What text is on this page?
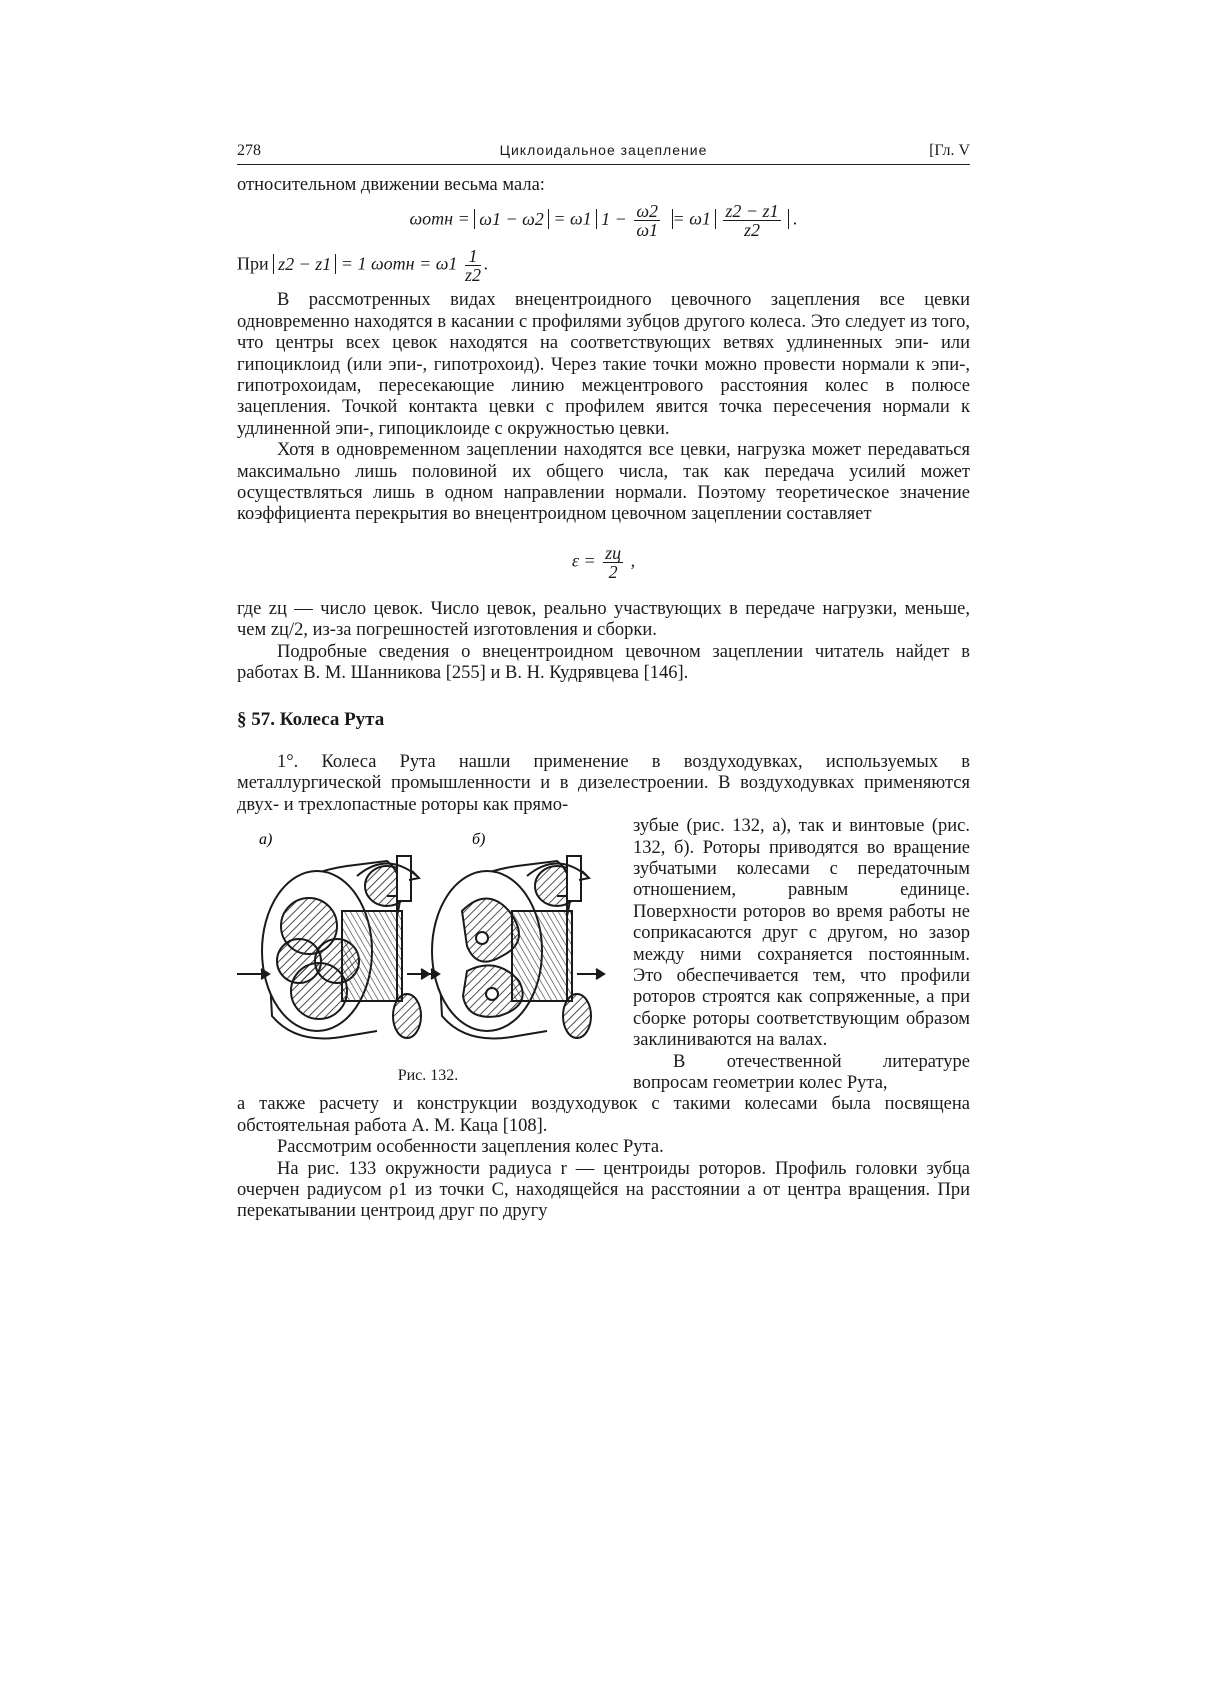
278	Циклоидальное зацепление	[Гл. V

относительном движении весьма мала:

ωотн = ω1 − ω2 = ω1 $1 - \frac{\omega 2}{\omega 1} = \omega 1 \frac{z2 - z1}{z2}$ .
При z2 − z1 = 1 $\omega отн = \omega 1 \frac{1}{z2}$ .

В рассмотренных видах внецентроидного цевочного зацепления все цевки одновременно находятся в касании с профилями зубцов другого колеса. Это следует из того, что центры всех цевок находятся на соответствующих ветвях удлиненных эпи- или гипоциклоид (или эпи-, гипотрохоид). Через такие точки можно провести нормали к эпи-, гипотрохоидам, пересекающие линию межцентрового расстояния колес в полюсе зацепления. Точкой контакта цевки с профилем явится точка пересечения нормали к удлиненной эпи-, гипоциклоиде с окружностью цевки.

Хотя в одновременном зацеплении находятся все цевки, нагрузка может передаваться максимально лишь половиной их общего числа, так как передача усилий может осуществляться лишь в одном направлении нормали. Поэтому теоретическое значение коэффициента перекрытия во внецентроидном цевочном зацеплении составляет

$\varepsilon = \frac{zц}{2}$ ,

где zц — число цевок. Число цевок, реально участвующих в передаче нагрузки, меньше, чем zц/2, из-за погрешностей изготовления и сборки.

Подробные сведения о внецентроидном цевочном зацеплении читатель найдет в работах В. М. Шанникова [255] и В. Н. Кудрявцева [146].

§ 57. Колеса Рута

1°. Колеса Рута нашли применение в воздуходувках, используемых в металлургической промышленности и в дизелестроении. В воздуходувках применяются двух- и трехлопастные роторы как прямо-

а)	б)
Рис. 132.

зубые (рис. 132, а), так и винтовые (рис. 132, б). Роторы приводятся во вращение зубчатыми колесами с передаточным отношением, равным единице. Поверхности роторов во время работы не соприкасаются друг с другом, но зазор между ними сохраняется постоянным. Это обеспечивается тем, что профили роторов строятся как сопряженные, а при сборке роторы соответствующим образом заклиниваются на валах.

В отечественной литературе вопросам геометрии колес Рута,

а также расчету и конструкции воздуходувок с такими колесами была посвящена обстоятельная работа А. М. Каца [108].

Рассмотрим особенности зацепления колес Рута.

На рис. 133 окружности радиуса r — центроиды роторов. Профиль головки зубца очерчен радиусом ρ1 из точки C, находящейся на расстоянии a от центра вращения. При перекатывании центроид друг по другу
